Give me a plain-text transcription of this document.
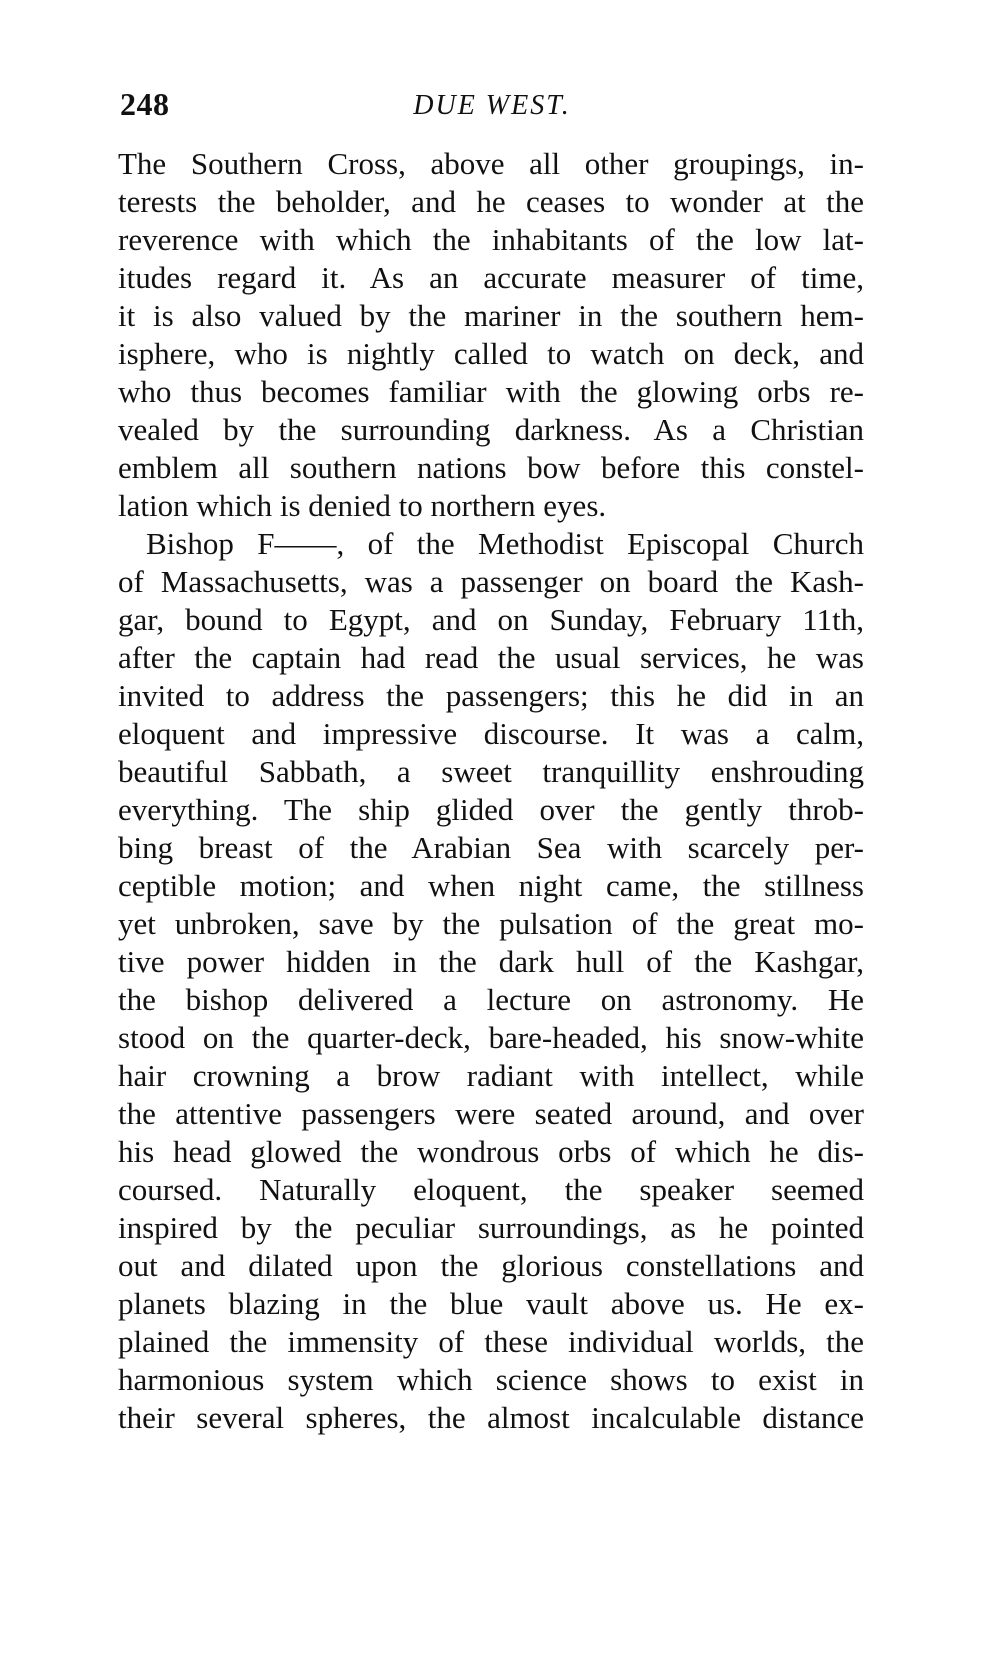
248	DUE WEST.
The Southern Cross, above all other groupings, in-
terests the beholder, and he ceases to wonder at the
reverence with which the inhabitants of the low lat-
itudes regard it. As an accurate measurer of time,
it is also valued by the mariner in the southern hem-
isphere, who is nightly called to watch on deck, and
who thus becomes familiar with the glowing orbs re-
vealed by the surrounding darkness. As a Christian
emblem all southern nations bow before this constel-
lation which is denied to northern eyes.
Bishop F——, of the Methodist Episcopal Church
of Massachusetts, was a passenger on board the Kash-
gar, bound to Egypt, and on Sunday, February 11th,
after the captain had read the usual services, he was
invited to address the passengers; this he did in an
eloquent and impressive discourse. It was a calm,
beautiful Sabbath, a sweet tranquillity enshrouding
everything. The ship glided over the gently throb-
bing breast of the Arabian Sea with scarcely per-
ceptible motion; and when night came, the stillness
yet unbroken, save by the pulsation of the great mo-
tive power hidden in the dark hull of the Kashgar,
the bishop delivered a lecture on astronomy. He
stood on the quarter-deck, bare-headed, his snow-white
hair crowning a brow radiant with intellect, while
the attentive passengers were seated around, and over
his head glowed the wondrous orbs of which he dis-
coursed. Naturally eloquent, the speaker seemed
inspired by the peculiar surroundings, as he pointed
out and dilated upon the glorious constellations and
planets blazing in the blue vault above us. He ex-
plained the immensity of these individual worlds, the
harmonious system which science shows to exist in
their several spheres, the almost incalculable distance
